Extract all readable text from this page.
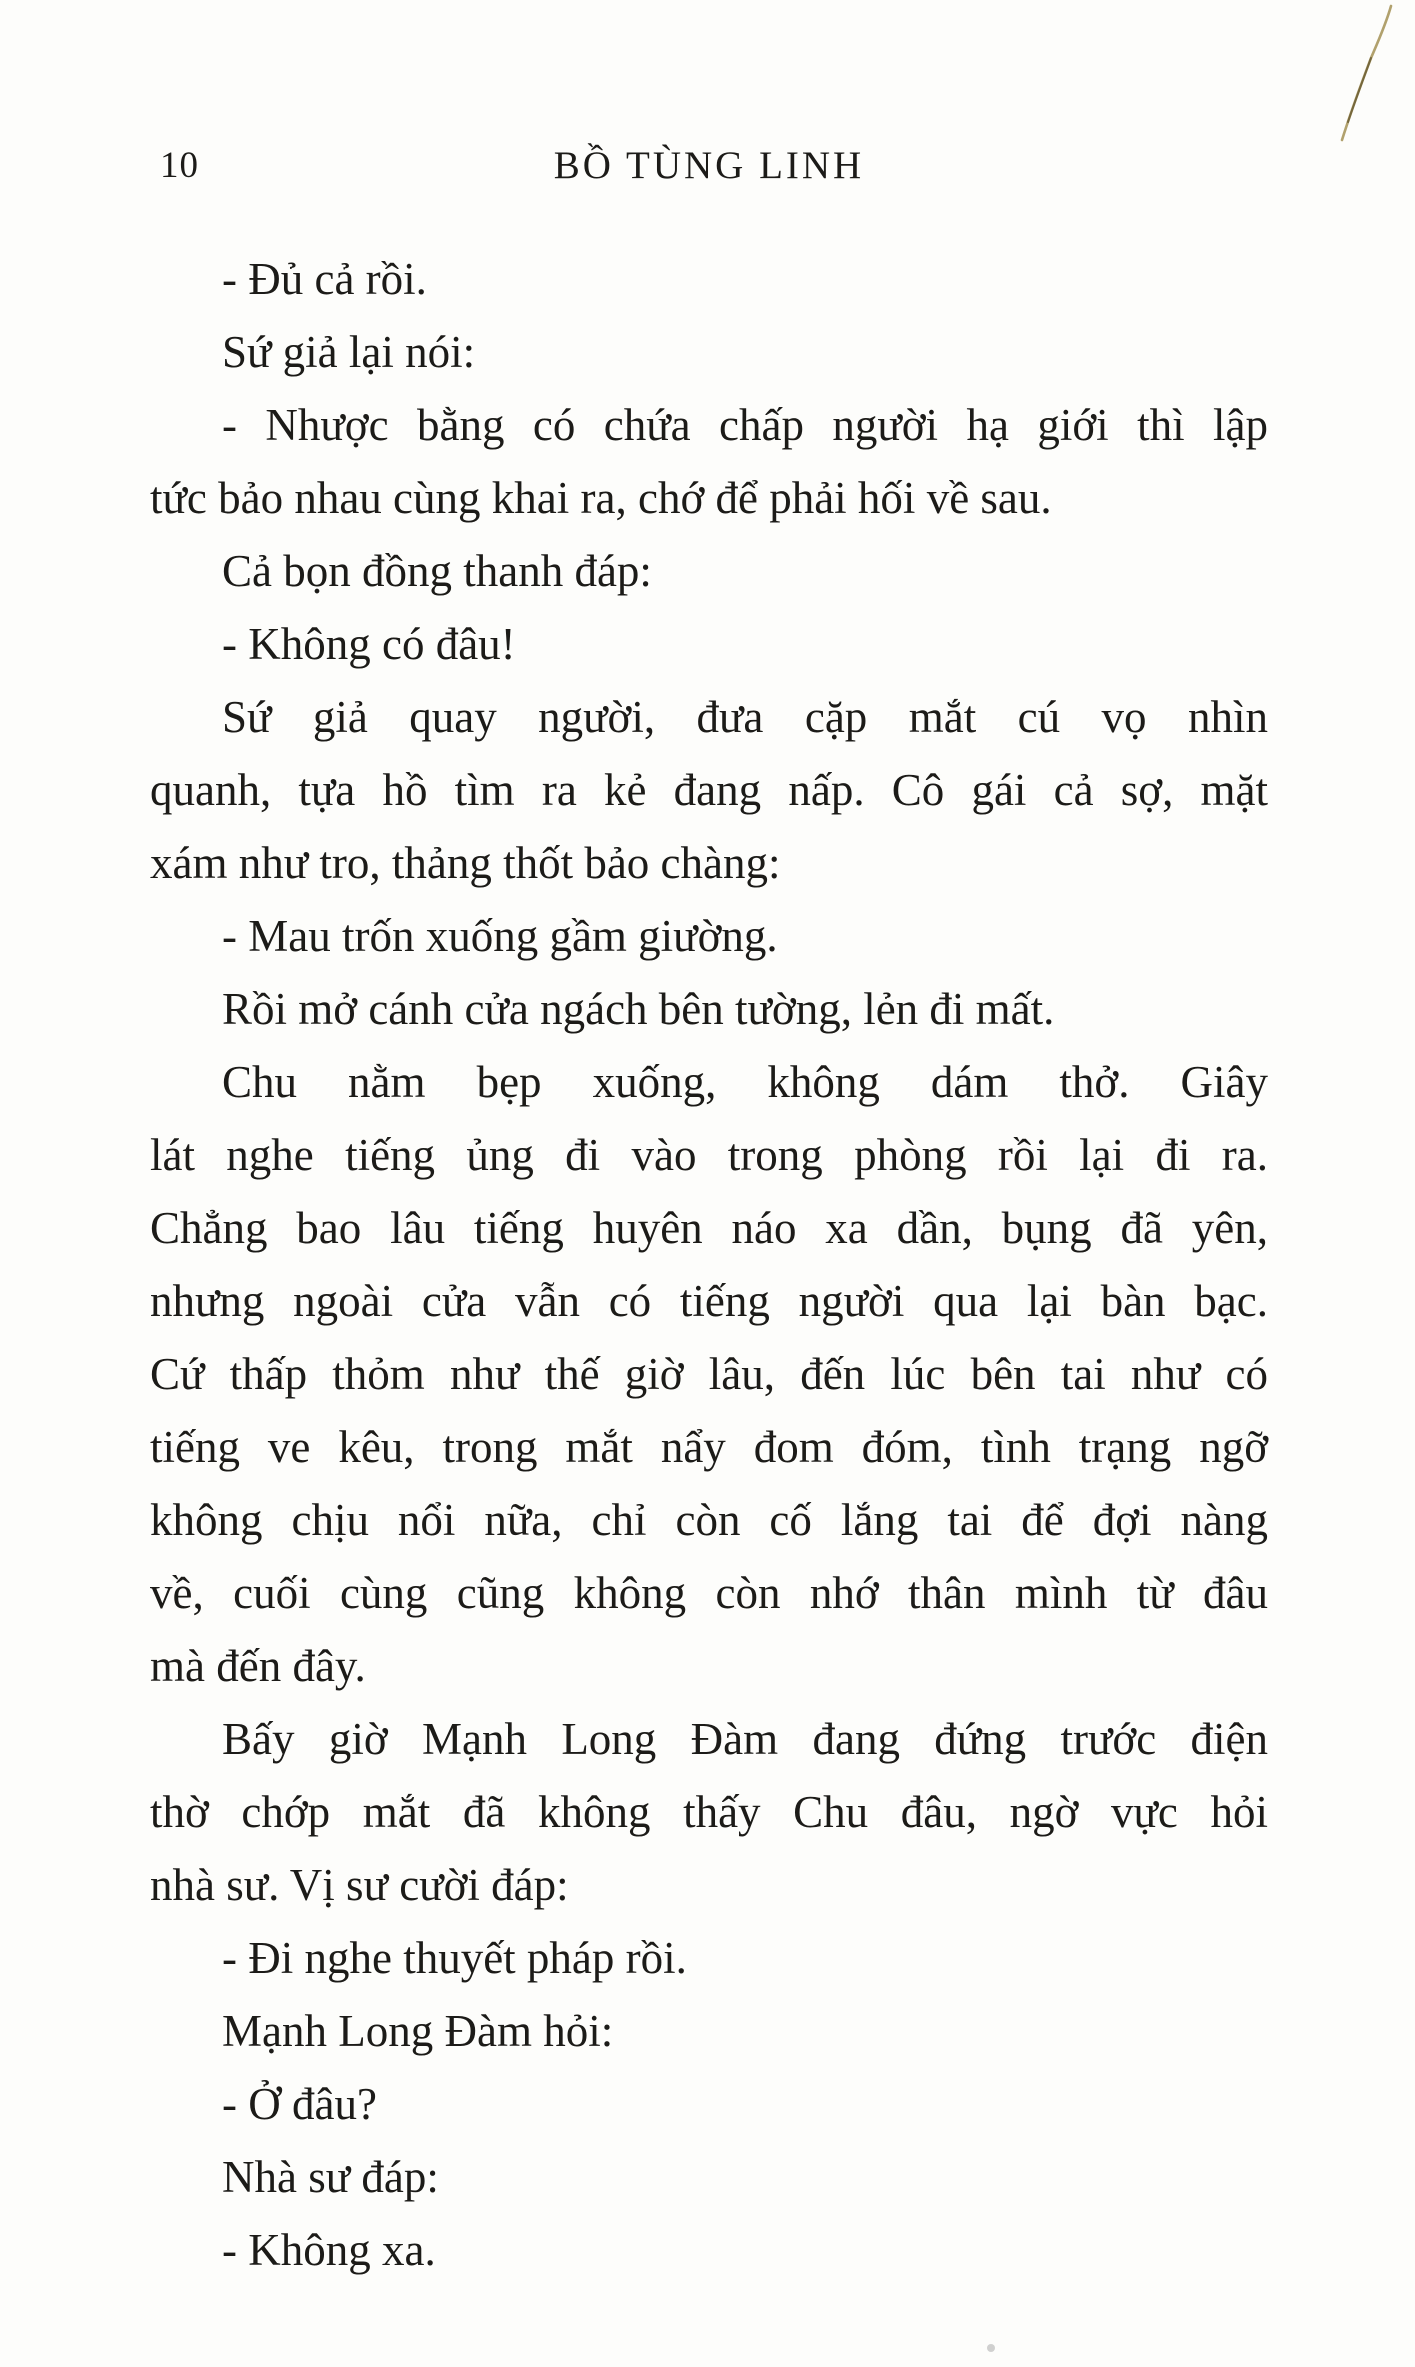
10	BỒ TÙNG LINH
- Đủ cả rồi.
Sứ giả lại nói:
- Nhược bằng có chứa chấp người hạ giới thì lập
tức bảo nhau cùng khai ra, chớ để phải hối về sau.
Cả bọn đồng thanh đáp:
- Không có đâu!
Sứ giả quay người, đưa cặp mắt cú vọ nhìn
quanh, tựa hồ tìm ra kẻ đang nấp. Cô gái cả sợ, mặt
xám như tro, thảng thốt bảo chàng:
- Mau trốn xuống gầm giường.
Rồi mở cánh cửa ngách bên tường, lẻn đi mất.
Chu nằm bẹp xuống, không dám thở. Giây
lát nghe tiếng ủng đi vào trong phòng rồi lại đi ra.
Chẳng bao lâu tiếng huyên náo xa dần, bụng đã yên,
nhưng ngoài cửa vẫn có tiếng người qua lại bàn bạc.
Cứ thấp thỏm như thế giờ lâu, đến lúc bên tai như có
tiếng ve kêu, trong mắt nẩy đom đóm, tình trạng ngỡ
không chịu nổi nữa, chỉ còn cố lắng tai để đợi nàng
về, cuối cùng cũng không còn nhớ thân mình từ đâu
mà đến đây.
Bấy giờ Mạnh Long Đàm đang đứng trước điện
thờ chớp mắt đã không thấy Chu đâu, ngờ vực hỏi
nhà sư. Vị sư cười đáp:
- Đi nghe thuyết pháp rồi.
Mạnh Long Đàm hỏi:
- Ở đâu?
Nhà sư đáp:
- Không xa.
